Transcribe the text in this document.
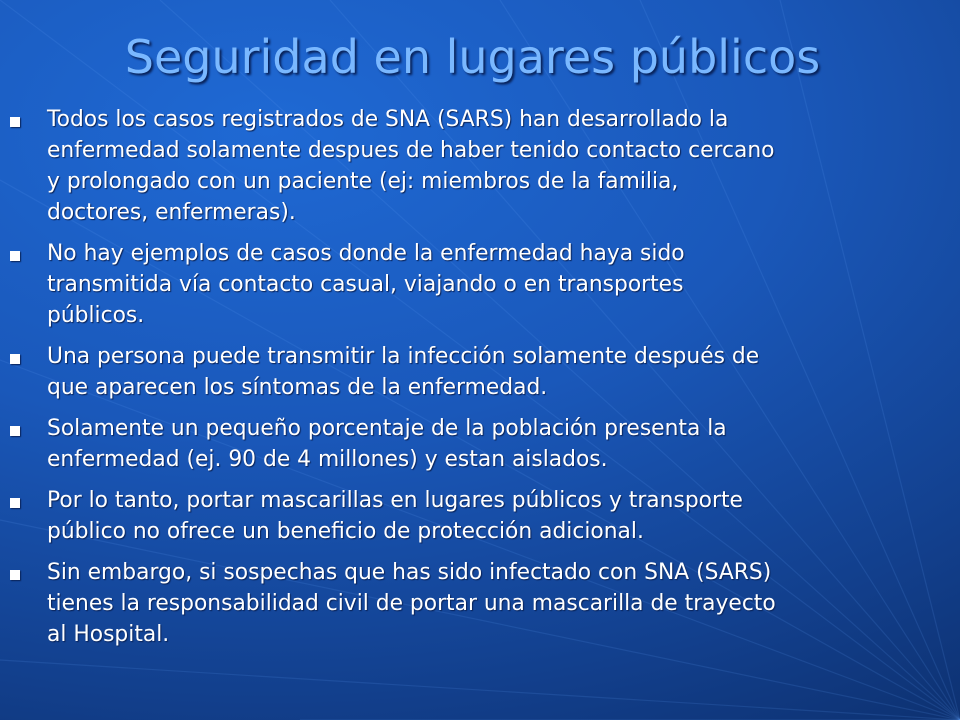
Seguridad en lugares públicos
Todos los casos registrados de SNA (SARS) han desarrollado la
enfermedad solamente despues de haber tenido contacto cercano
y prolongado con un paciente (ej: miembros de la familia,
doctores, enfermeras).
No hay ejemplos de casos donde la enfermedad haya sido
transmitida vía contacto casual, viajando o en transportes
públicos.
Una persona puede transmitir la infección solamente después de
que aparecen los síntomas de la enfermedad.
Solamente un pequeño porcentaje de la población presenta la
enfermedad (ej. 90 de 4 millones) y estan aislados.
Por lo tanto, portar mascarillas en lugares públicos y transporte
público no ofrece un beneficio de protección adicional.
Sin embargo, si sospechas que has sido infectado con SNA (SARS)
tienes la responsabilidad civil de portar una mascarilla de trayecto
al Hospital.
